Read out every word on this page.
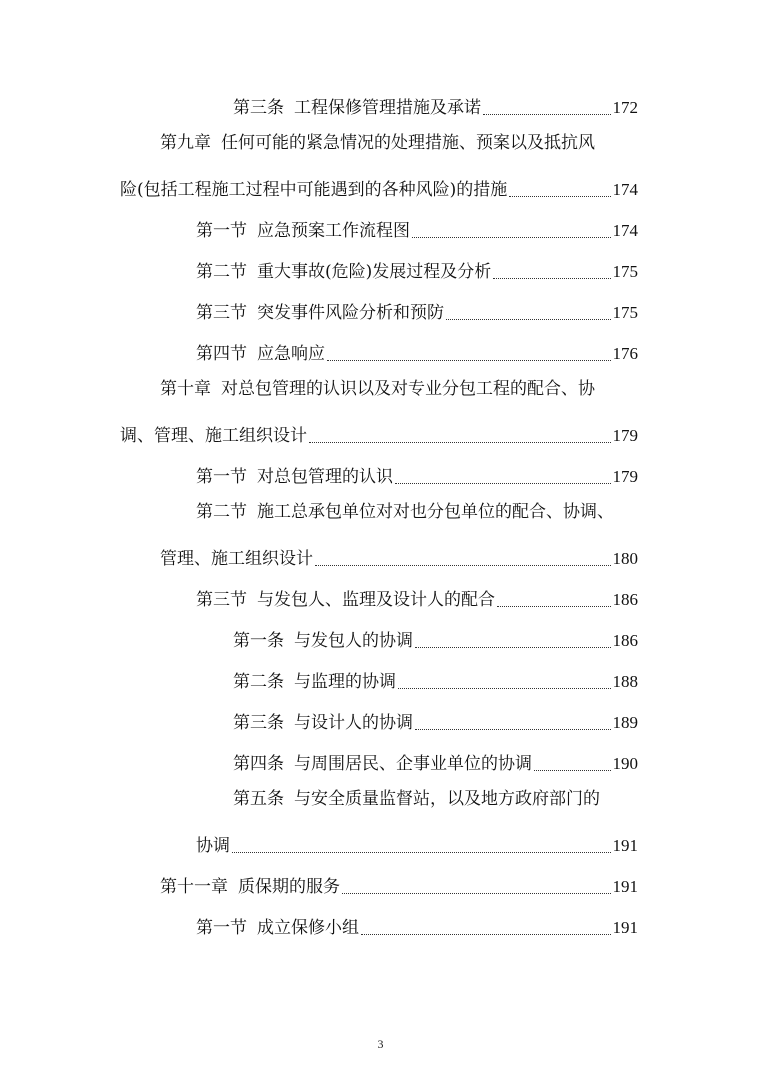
第三条 工程保修管理措施及承诺	172
第九章 任何可能的紧急情况的处理措施、预案以及抵抗风
险(包括工程施工过程中可能遇到的各种风险)的措施	174
第一节 应急预案工作流程图	174
第二节 重大事故(危险)发展过程及分析	175
第三节 突发事件风险分析和预防	175
第四节 应急响应	176
第十章 对总包管理的认识以及对专业分包工程的配合、协
调、管理、施工组织设计	179
第一节 对总包管理的认识	179
第二节 施工总承包单位对对也分包单位的配合、协调、
管理、施工组织设计	180
第三节 与发包人、监理及设计人的配合	186
第一条 与发包人的协调	186
第二条 与监理的协调	188
第三条 与设计人的协调	189
第四条 与周围居民、企事业单位的协调	190
第五条 与安全质量监督站，以及地方政府部门的
协调	191
第十一章 质保期的服务	191
第一节 成立保修小组	191
3
